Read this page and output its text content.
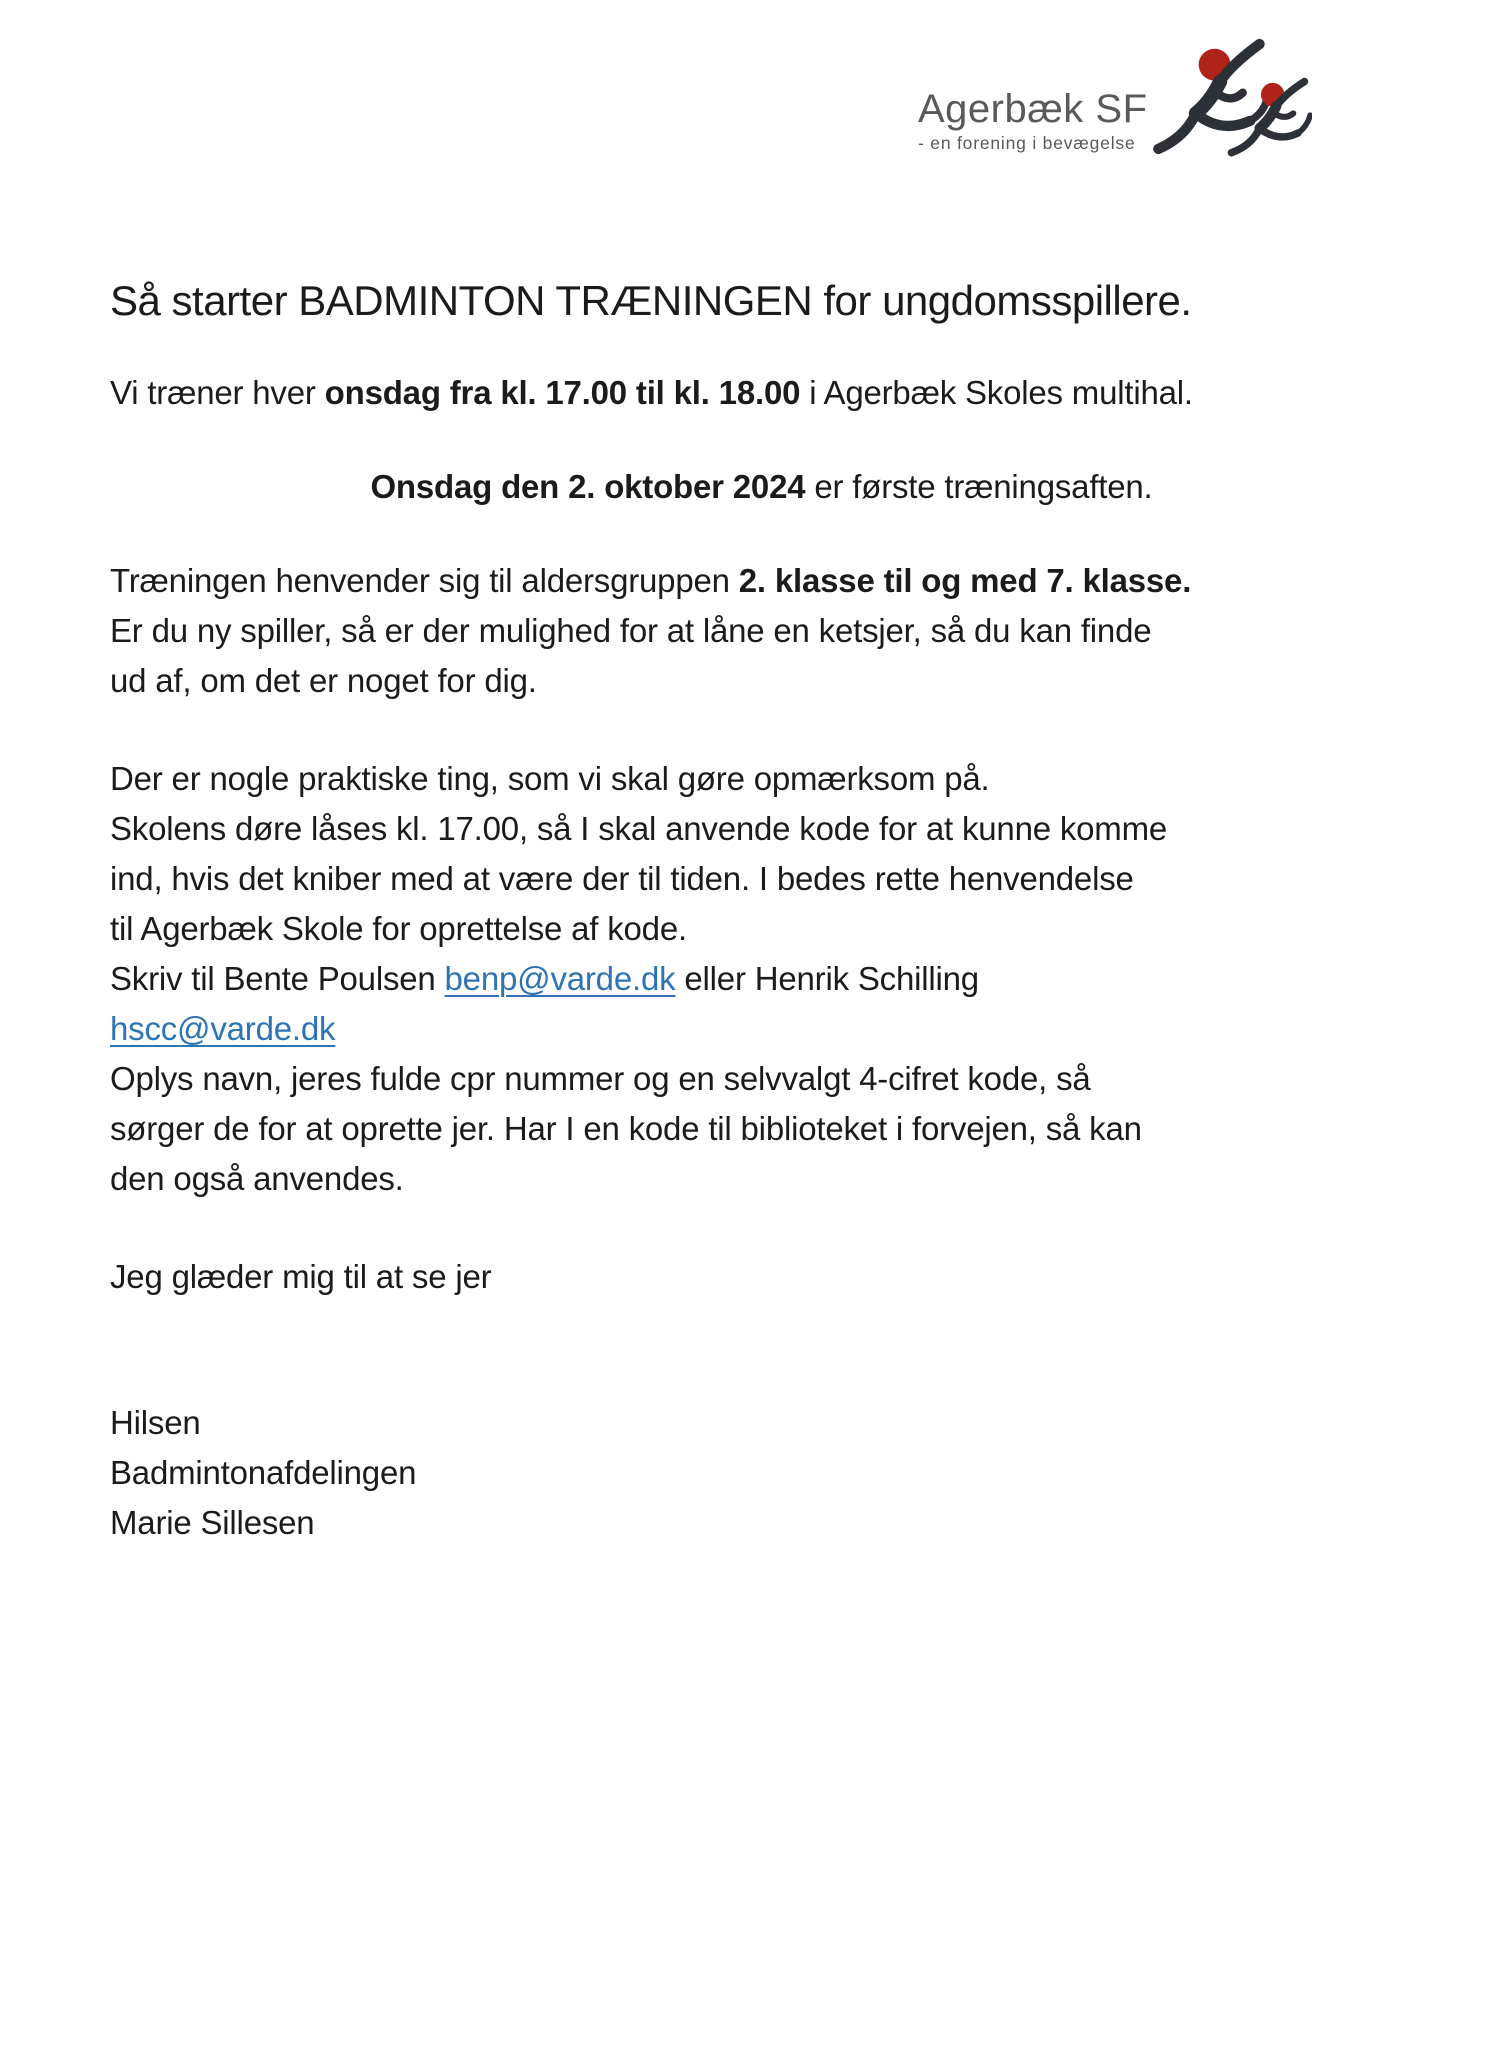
Agerbæk SF
- en forening i bevægelse
Så starter BADMINTON TRÆNINGEN for ungdomsspillere.

Vi træner hver onsdag fra kl. 17.00 til kl. 18.00 i Agerbæk Skoles multihal.

Onsdag den 2. oktober 2024 er første træningsaften.

Træningen henvender sig til aldersgruppen 2. klasse til og med 7. klasse.
Er du ny spiller, så er der mulighed for at låne en ketsjer, så du kan finde
ud af, om det er noget for dig.

Der er nogle praktiske ting, som vi skal gøre opmærksom på.
Skolens døre låses kl. 17.00, så I skal anvende kode for at kunne komme
ind, hvis det kniber med at være der til tiden. I bedes rette henvendelse
til Agerbæk Skole for oprettelse af kode.
Skriv til Bente Poulsen benp@varde.dk eller Henrik Schilling
hscc@varde.dk
Oplys navn, jeres fulde cpr nummer og en selvvalgt 4-cifret kode, så
sørger de for at oprette jer. Har I en kode til biblioteket i forvejen, så kan
den også anvendes.

Jeg glæder mig til at se jer

Hilsen
Badmintonafdelingen
Marie Sillesen
